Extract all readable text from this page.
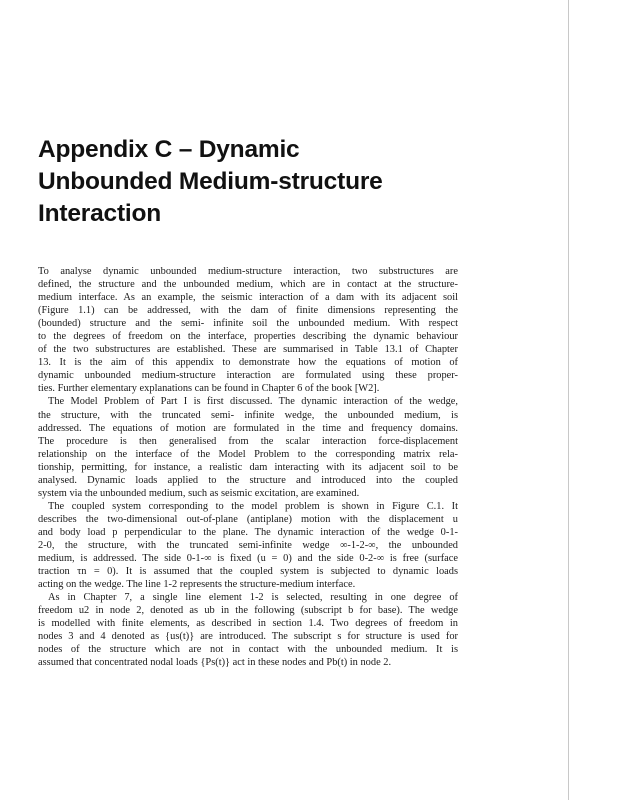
Appendix C – Dynamic
Unbounded Medium-structure
Interaction
To analyse dynamic unbounded medium-structure interaction, two substructures are
defined, the structure and the unbounded medium, which are in contact at the structure-
medium interface. As an example, the seismic interaction of a dam with its adjacent soil
(Figure 1.1) can be addressed, with the dam of finite dimensions representing the
(bounded) structure and the semi- infinite soil the unbounded medium. With respect
to the degrees of freedom on the interface, properties describing the dynamic behaviour
of the two substructures are established. These are summarised in Table 13.1 of Chapter
13. It is the aim of this appendix to demonstrate how the equations of motion of
dynamic unbounded medium-structure interaction are formulated using these proper-
ties. Further elementary explanations can be found in Chapter 6 of the book [W2].
The Model Problem of Part I is first discussed. The dynamic interaction of the wedge,
the structure, with the truncated semi- infinite wedge, the unbounded medium, is
addressed. The equations of motion are formulated in the time and frequency domains.
The procedure is then generalised from the scalar interaction force-displacement
relationship on the interface of the Model Problem to the corresponding matrix rela-
tionship, permitting, for instance, a realistic dam interacting with its adjacent soil to be
analysed. Dynamic loads applied to the structure and introduced into the coupled
system via the unbounded medium, such as seismic excitation, are examined.
The coupled system corresponding to the model problem is shown in Figure C.1. It
describes the two-dimensional out-of-plane (antiplane) motion with the displacement u
and body load p perpendicular to the plane. The dynamic interaction of the wedge 0-1-
2-0, the structure, with the truncated semi-infinite wedge ∞-1-2-∞, the unbounded
medium, is addressed. The side 0-1-∞ is fixed (u = 0) and the side 0-2-∞ is free (surface
traction τn = 0). It is assumed that the coupled system is subjected to dynamic loads
acting on the wedge. The line 1-2 represents the structure-medium interface.
As in Chapter 7, a single line element 1-2 is selected, resulting in one degree of
freedom u2 in node 2, denoted as ub in the following (subscript b for base). The wedge
is modelled with finite elements, as described in section 1.4. Two degrees of freedom in
nodes 3 and 4 denoted as {us(t)} are introduced. The subscript s for structure is used for
nodes of the structure which are not in contact with the unbounded medium. It is
assumed that concentrated nodal loads {Ps(t)} act in these nodes and Pb(t) in node 2.
